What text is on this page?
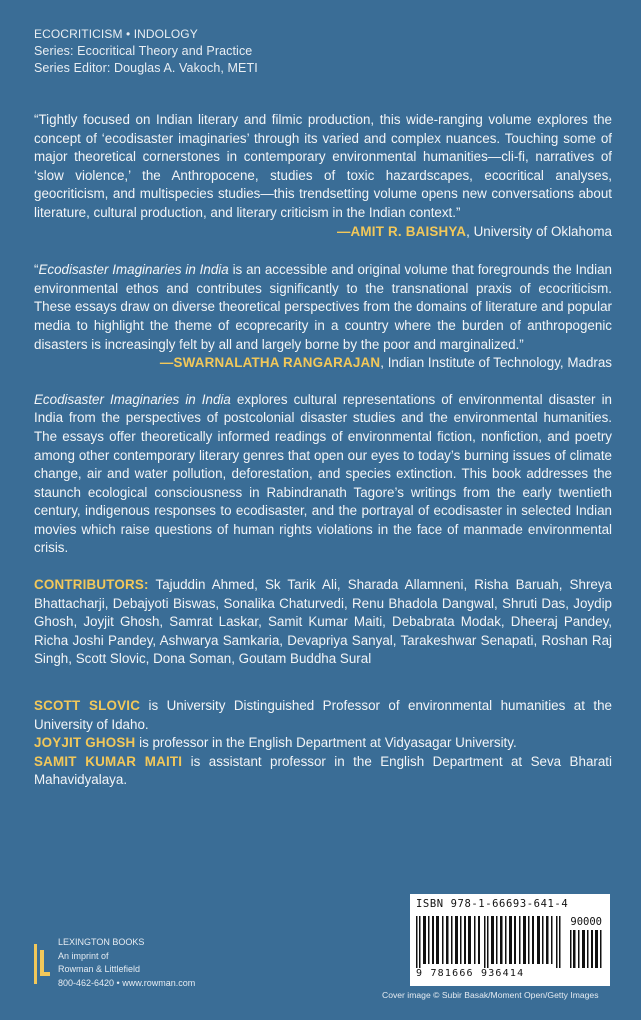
ECOCRITICISM • INDOLOGY
Series: Ecocritical Theory and Practice
Series Editor: Douglas A. Vakoch, METI
“Tightly focused on Indian literary and filmic production, this wide-ranging volume explores the concept of ‘ecodisaster imaginaries’ through its varied and complex nuances. Touching some of major theoretical cornerstones in contemporary environmental humanities—cli-fi, narratives of ‘slow violence,’ the Anthropocene, studies of toxic hazardscapes, ecocritical analyses, geocriticism, and multispecies studies—this trendsetting volume opens new conversations about literature, cultural production, and literary criticism in the Indian context.”
—AMIT R. BAISHYA, University of Oklahoma
“Ecodisaster Imaginaries in India is an accessible and original volume that foregrounds the Indian environmental ethos and contributes significantly to the transnational praxis of ecocriticism. These essays draw on diverse theoretical perspectives from the domains of literature and popular media to highlight the theme of ecoprecarity in a country where the burden of anthropogenic disasters is increasingly felt by all and largely borne by the poor and marginalized.”
—SWARNALATHA RANGARAJAN, Indian Institute of Technology, Madras
Ecodisaster Imaginaries in India explores cultural representations of environmental disaster in India from the perspectives of postcolonial disaster studies and the environmental humanities. The essays offer theoretically informed readings of environmental fiction, nonfiction, and poetry among other contemporary literary genres that open our eyes to today’s burning issues of climate change, air and water pollution, deforestation, and species extinction. This book addresses the staunch ecological consciousness in Rabindranath Tagore’s writings from the early twentieth century, indigenous responses to ecodisaster, and the portrayal of ecodisaster in selected Indian movies which raise questions of human rights violations in the face of manmade environmental crisis.
CONTRIBUTORS: Tajuddin Ahmed, Sk Tarik Ali, Sharada Allamneni, Risha Baruah, Shreya Bhattacharji, Debajyoti Biswas, Sonalika Chaturvedi, Renu Bhadola Dangwal, Shruti Das, Joydip Ghosh, Joyjit Ghosh, Samrat Laskar, Samit Kumar Maiti, Debabrata Modak, Dheeraj Pandey, Richa Joshi Pandey, Ashwarya Samkaria, Devapriya Sanyal, Tarakeshwar Senapati, Roshan Raj Singh, Scott Slovic, Dona Soman, Goutam Buddha Sural
SCOTT SLOVIC is University Distinguished Professor of environmental humanities at the University of Idaho.
JOYJIT GHOSH is professor in the English Department at Vidyasagar University.
SAMIT KUMAR MAITI is assistant professor in the English Department at Seva Bharati Mahavidyalaya.
LEXINGTON BOOKS
An imprint of
Rowman & Littlefield
800-462-6420 • www.rowman.com
ISBN 978-1-66693-641-4
90000
9 781666 936414
Cover image © Subir Basak/Moment Open/Getty Images
